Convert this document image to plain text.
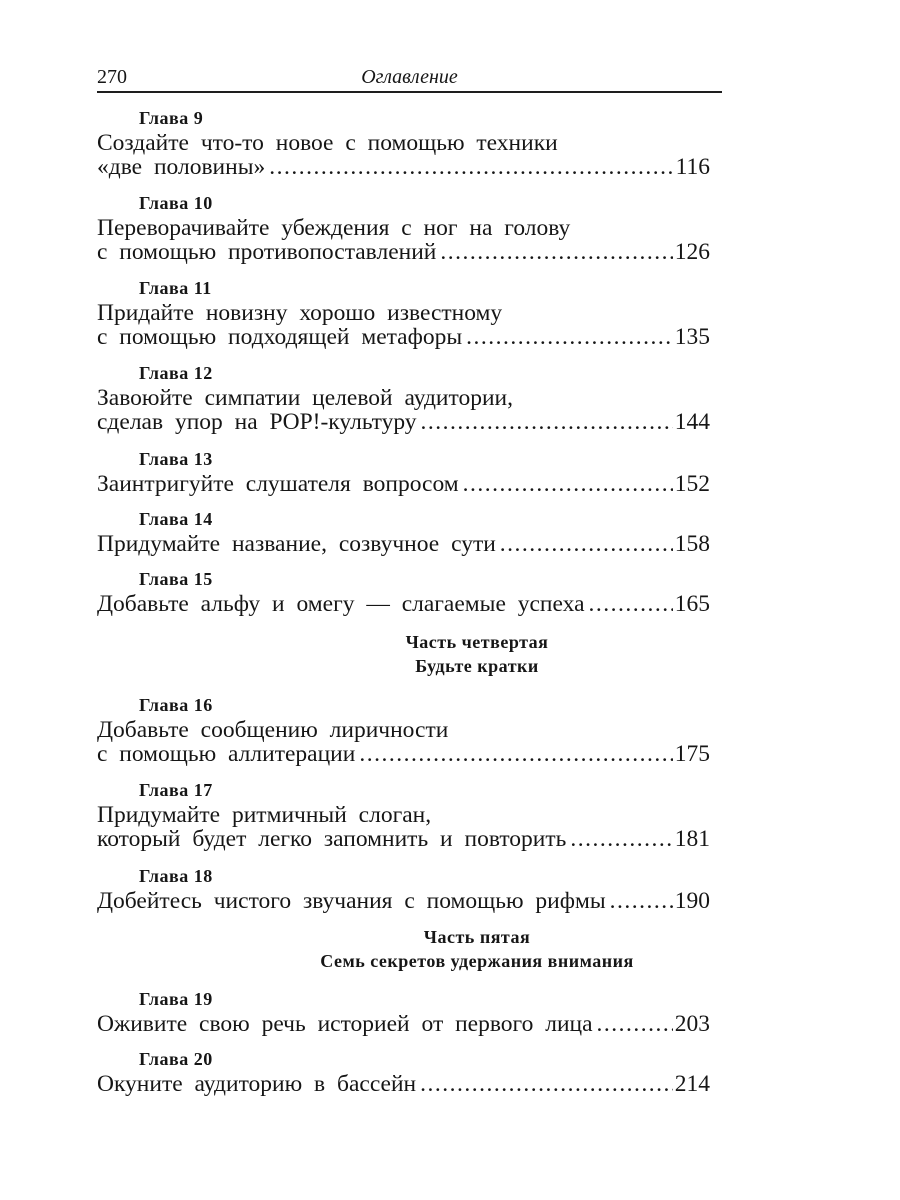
270	Оглавление
Глава 9
Создайте что-то новое с помощью техники
«две половины» .....	116
Глава 10
Переворачивайте убеждения с ног на голову
с помощью противопоставлений .....	126
Глава 11
Придайте новизну хорошо известному
с помощью подходящей метафоры .....	135
Глава 12
Завоюйте симпатии целевой аудитории,
сделав упор на POP!-культуру .....	144
Глава 13
Заинтригуйте слушателя вопросом .....	152
Глава 14
Придумайте название, созвучное сути .....	158
Глава 15
Добавьте альфу и омегу — слагаемые успеха .....	165
Часть четвертая
Будьте кратки
Глава 16
Добавьте сообщению лиричности
с помощью аллитерации .....	175
Глава 17
Придумайте ритмичный слоган,
который будет легко запомнить и повторить .....	181
Глава 18
Добейтесь чистого звучания с помощью рифмы .....	190
Часть пятая
Семь секретов удержания внимания
Глава 19
Оживите свою речь историей от первого лица .....	203
Глава 20
Окуните аудиторию в бассейн .....	214
